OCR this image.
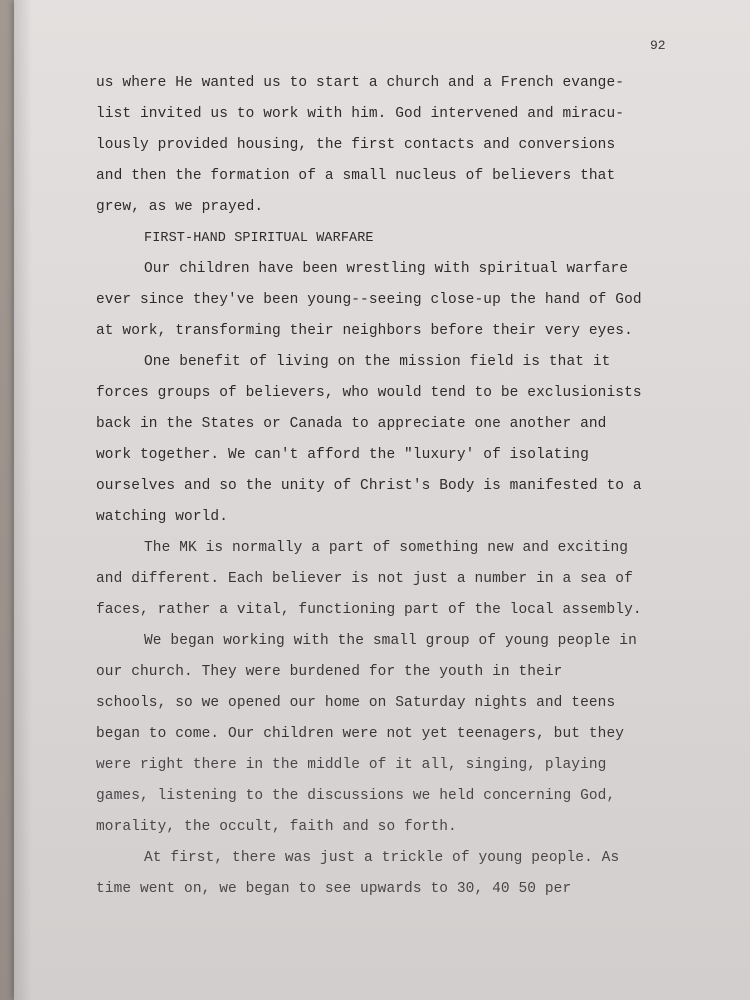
92
us where He wanted us to start a church and a French evange-
list invited us to work with him. God intervened and miracu-
lously provided housing, the first contacts and conversions
and then the formation of a small nucleus of believers that
grew, as we prayed.
FIRST-HAND SPIRITUAL WARFARE
Our children have been wrestling with spiritual warfare
ever since they've been young--seeing close-up the hand of God
at work, transforming their neighbors before their very eyes.
One benefit of living on the mission field is that it
forces groups of believers, who would tend to be exclusionists
back in the States or Canada to appreciate one another and
work together. We can't afford the "luxury' of isolating
ourselves and so the unity of Christ's Body is manifested to a
watching world.
The MK is normally a part of something new and exciting
and different. Each believer is not just a number in a sea of
faces, rather a vital, functioning part of the local assembly.
We began working with the small group of young people in
our church. They were burdened for the youth in their
schools, so we opened our home on Saturday nights and teens
began to come. Our children were not yet teenagers, but they
were right there in the middle of it all, singing, playing
games, listening to the discussions we held concerning God,
morality, the occult, faith and so forth.
At first, there was just a trickle of young people. As
time went on, we began to see upwards to 30, 40 50 per
